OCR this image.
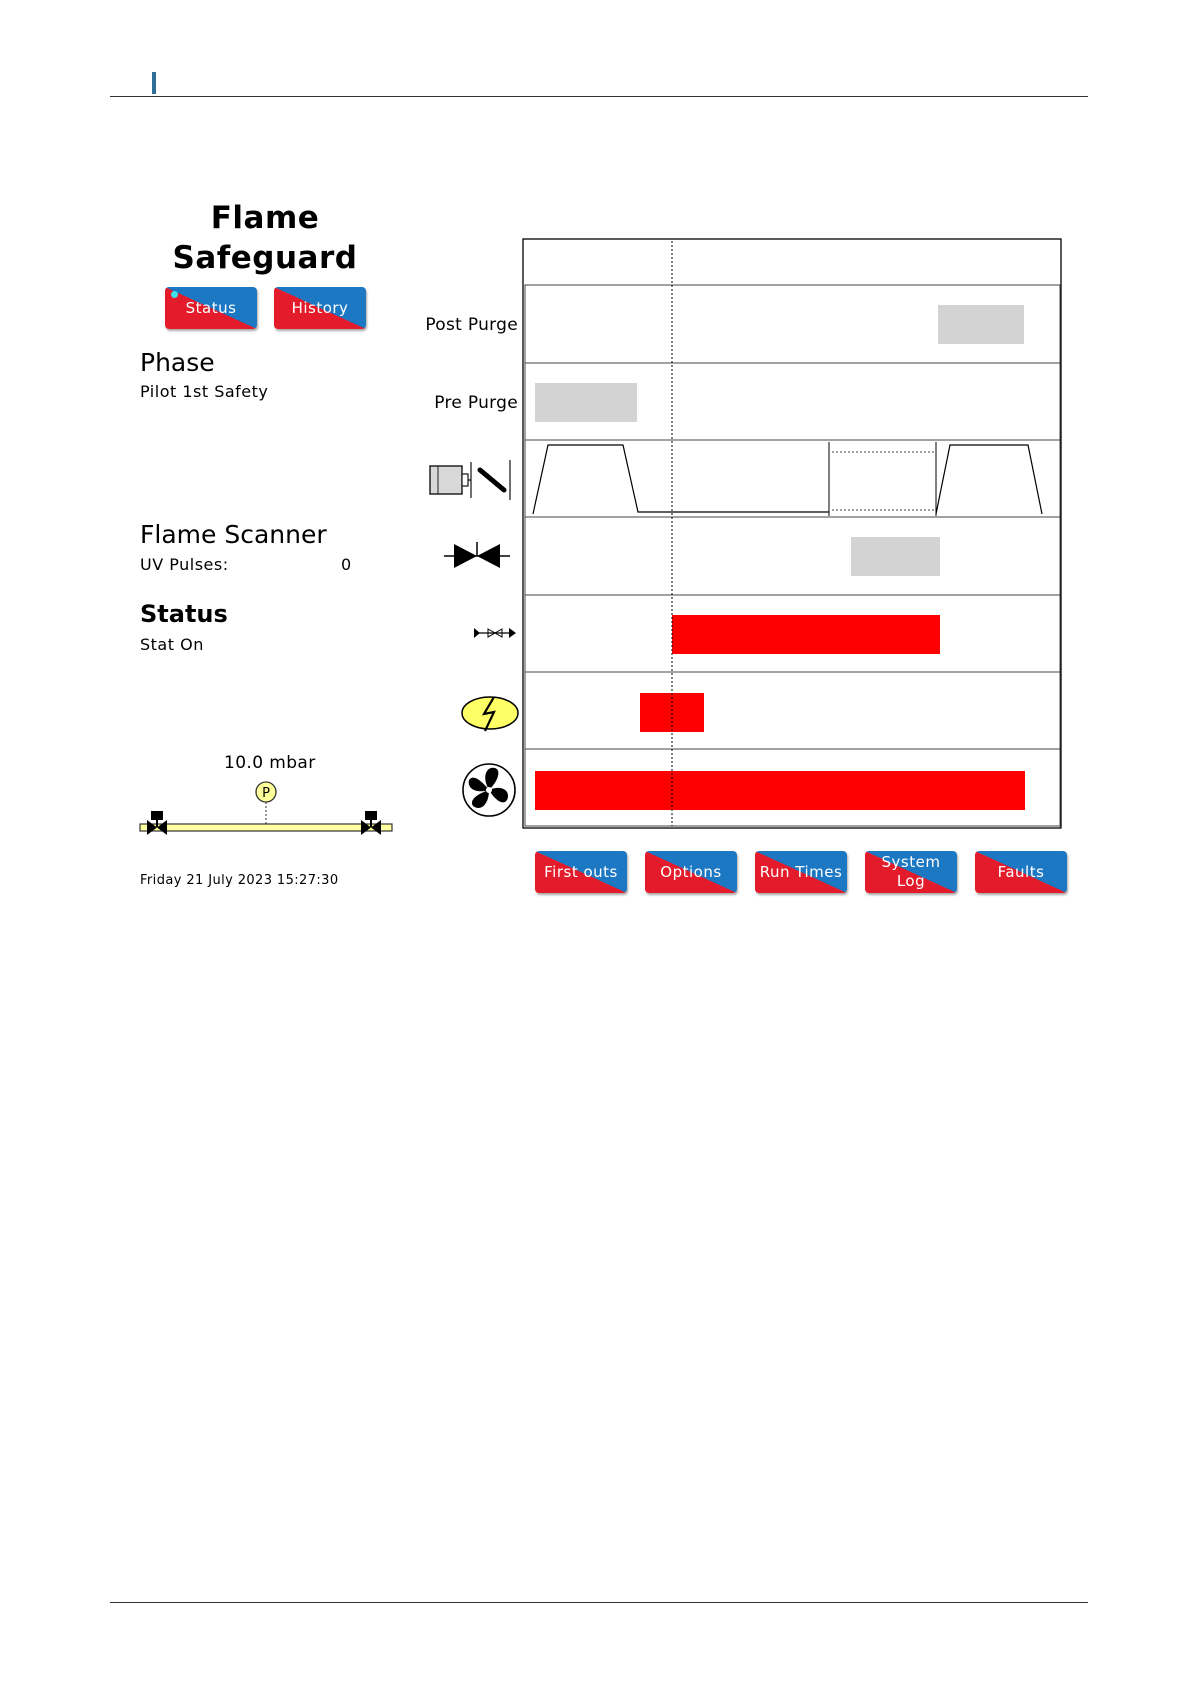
Flame
Safeguard
Status	History
Phase
Pilot 1st Safety
Flame Scanner
UV Pulses:	0
Status
Stat On
10.0 mbar
P
Friday 21 July 2023 15:27:30
Post Purge
Pre Purge
First outs	Options	Run Times
System
Log
Faults
